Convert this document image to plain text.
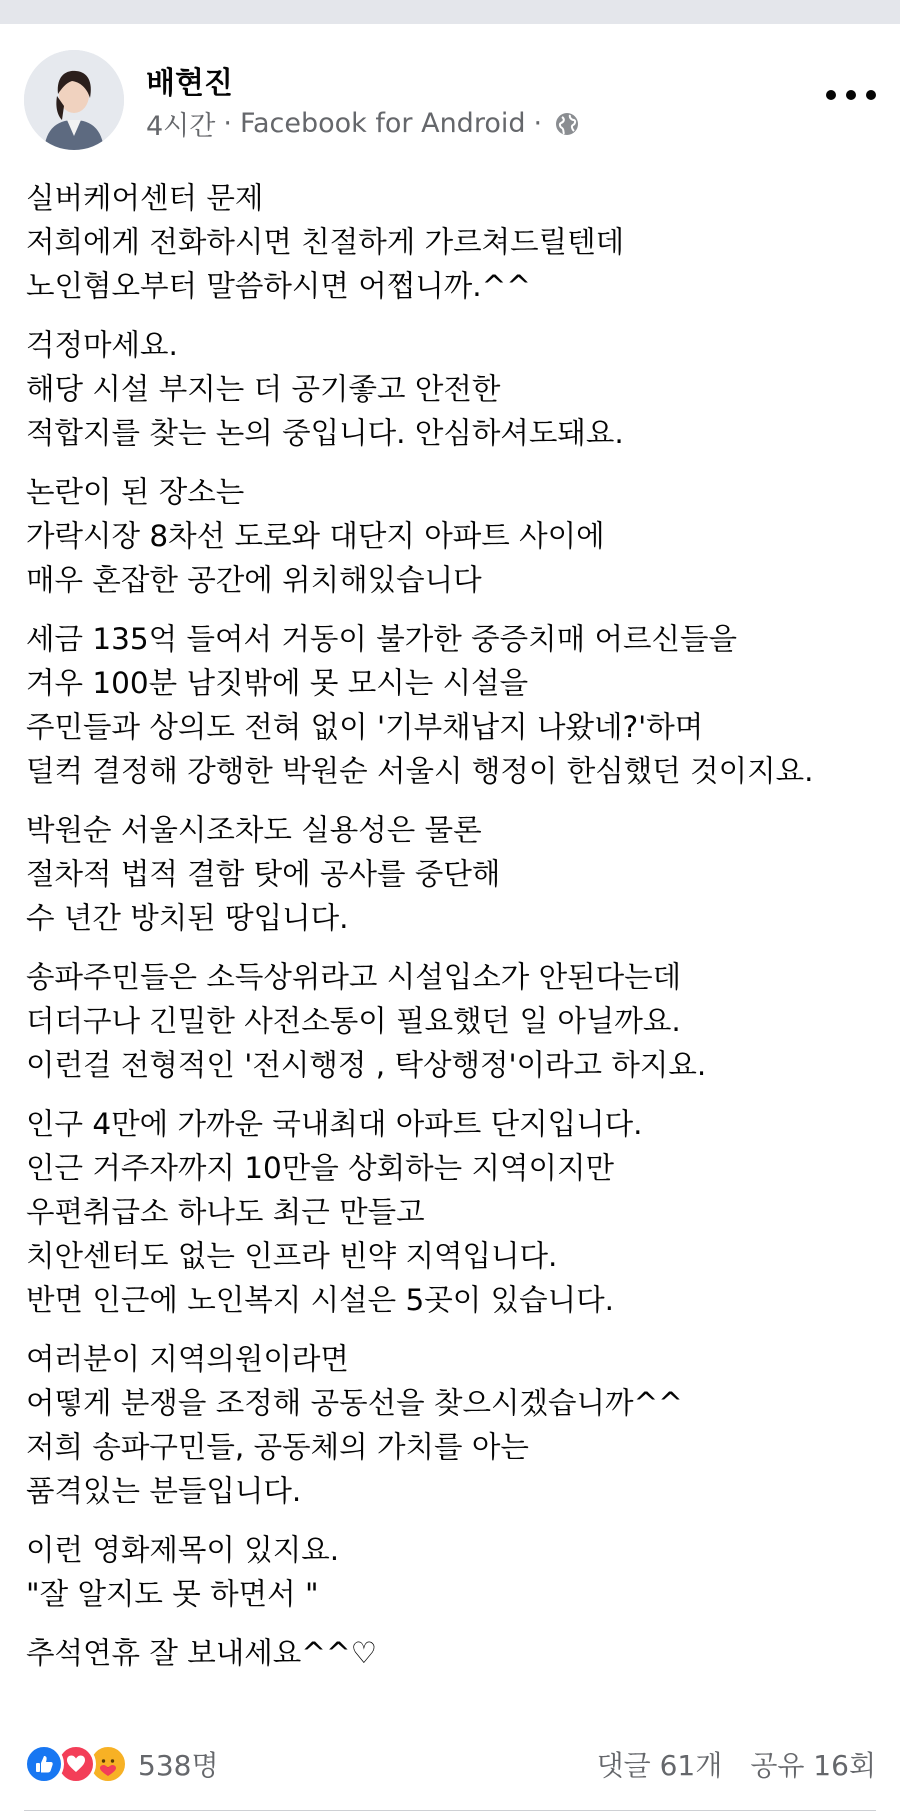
배현진
4시간 · Facebook for Android ·
실버케어센터 문제
저희에게 전화하시면 친절하게 가르쳐드릴텐데
노인혐오부터 말씀하시면 어쩝니까.^^
걱정마세요.
해당 시설 부지는 더 공기좋고 안전한
적합지를 찾는 논의 중입니다. 안심하셔도돼요.
논란이 된 장소는
가락시장 8차선 도로와 대단지 아파트 사이에
매우 혼잡한 공간에 위치해있습니다
세금 135억 들여서 거동이 불가한 중증치매 어르신들을
겨우 100분 남짓밖에 못 모시는 시설을
주민들과 상의도 전혀 없이 '기부채납지 나왔네?'하며
덜컥 결정해 강행한 박원순 서울시 행정이 한심했던 것이지요.
박원순 서울시조차도 실용성은 물론
절차적 법적 결함 탓에 공사를 중단해
수 년간 방치된 땅입니다.
송파주민들은 소득상위라고 시설입소가 안된다는데
더더구나 긴밀한 사전소통이 필요했던 일 아닐까요.
이런걸 전형적인 '전시행정 , 탁상행정'이라고 하지요.
인구 4만에 가까운 국내최대 아파트 단지입니다.
인근 거주자까지 10만을 상회하는 지역이지만
우편취급소 하나도 최근 만들고
치안센터도 없는 인프라 빈약 지역입니다.
반면 인근에 노인복지 시설은 5곳이 있습니다.
여러분이 지역의원이라면
어떻게 분쟁을 조정해 공동선을 찾으시겠습니까^^
저희 송파구민들, 공동체의 가치를 아는
품격있는 분들입니다.
이런 영화제목이 있지요.
"잘 알지도 못 하면서 "
추석연휴 잘 보내세요^^♡
538명	댓글 61개 공유 16회
